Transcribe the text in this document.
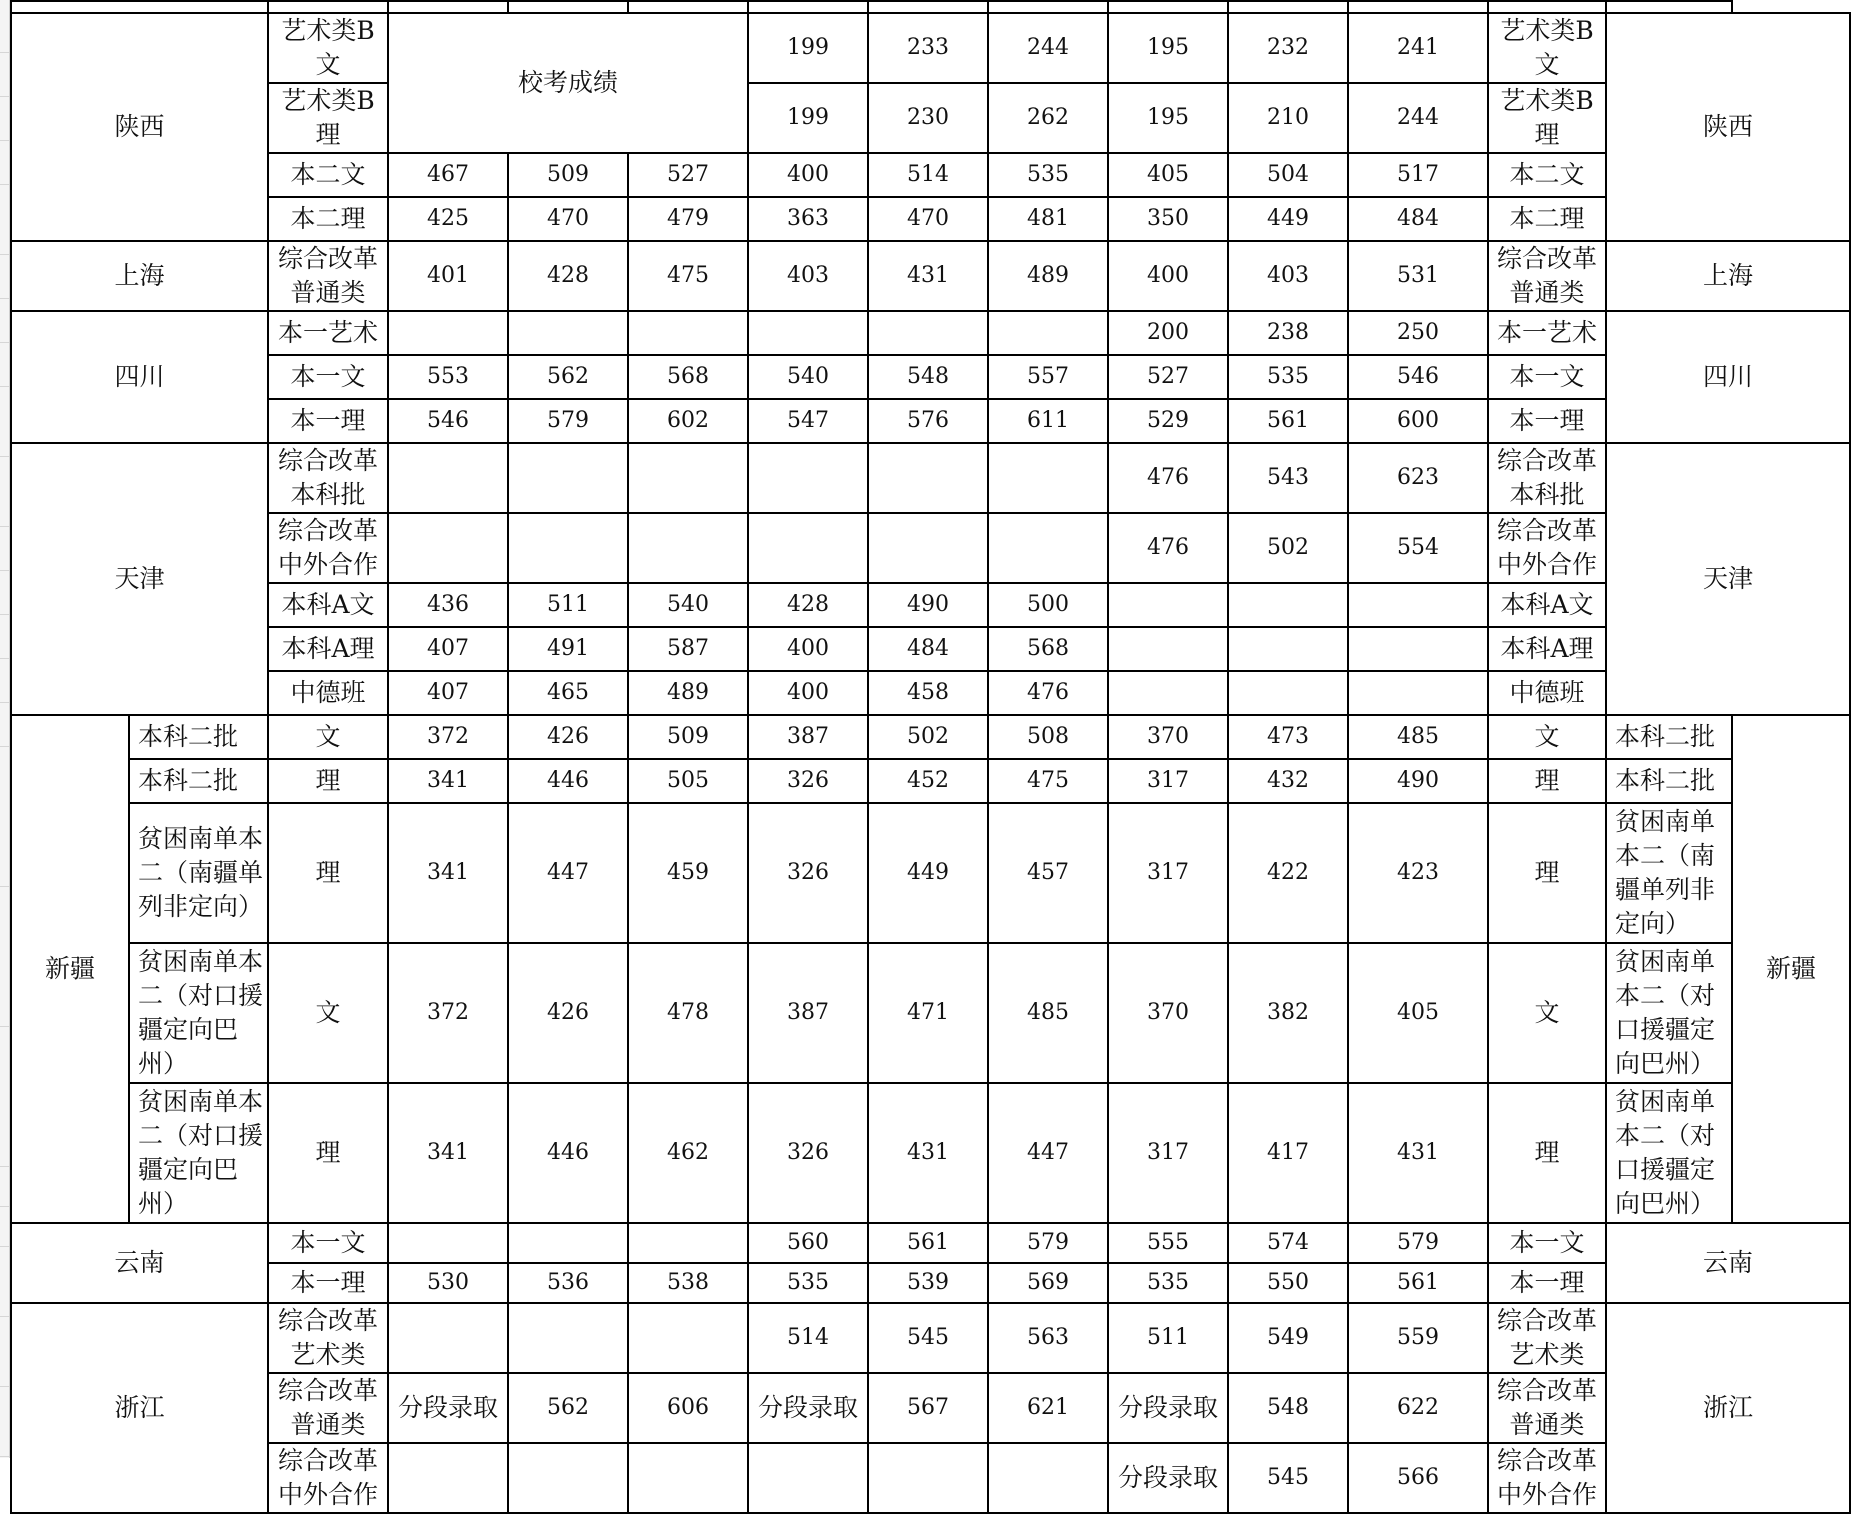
陕西		艺术类B文	校考成绩			199	233	244	195	232	241	艺术类B文	陕西	
		艺术类B理				199	230	262	195	210	244	艺术类B理		
		本二文	467	509	527	400	514	535	405	504	517	本二文		
		本二理	425	470	479	363	470	481	350	449	484	本二理		
上海		综合改革普通类	401	428	475	403	431	489	400	403	531	综合改革普通类	上海	
四川		本一艺术							200	238	250	本一艺术	四川	
		本一文	553	562	568	540	548	557	527	535	546	本一文		
		本一理	546	579	602	547	576	611	529	561	600	本一理		
天津		综合改革本科批							476	543	623	综合改革本科批	天津	
		综合改革中外合作							476	502	554	综合改革中外合作		
		本科A文	436	511	540	428	490	500				本科A文		
		本科A理	407	491	587	400	484	568				本科A理		
		中德班	407	465	489	400	458	476				中德班		
新疆	本科二批	文	372	426	509	387	502	508	370	473	485	文	本科二批	新疆
	本科二批	理	341	446	505	326	452	475	317	432	490	理	本科二批	
	贫困南单本二（南疆单列非定向）	理	341	447	459	326	449	457	317	422	423	理	贫困南单本二（南疆单列非定向）	
	贫困南单本二（对口援疆定向巴州）	文	372	426	478	387	471	485	370	382	405	文	贫困南单本二（对口援疆定向巴州）	
	贫困南单本二（对口援疆定向巴州）	理	341	446	462	326	431	447	317	417	431	理	贫困南单本二（对口援疆定向巴州）	
云南		本一文				560	561	579	555	574	579	本一文	云南	
		本一理	530	536	538	535	539	569	535	550	561	本一理		
浙江		综合改革艺术类				514	545	563	511	549	559	综合改革艺术类	浙江	
		综合改革普通类	分段录取	562	606	分段录取	567	621	分段录取	548	622	综合改革普通类		
		综合改革中外合作							分段录取	545	566	综合改革中外合作		
